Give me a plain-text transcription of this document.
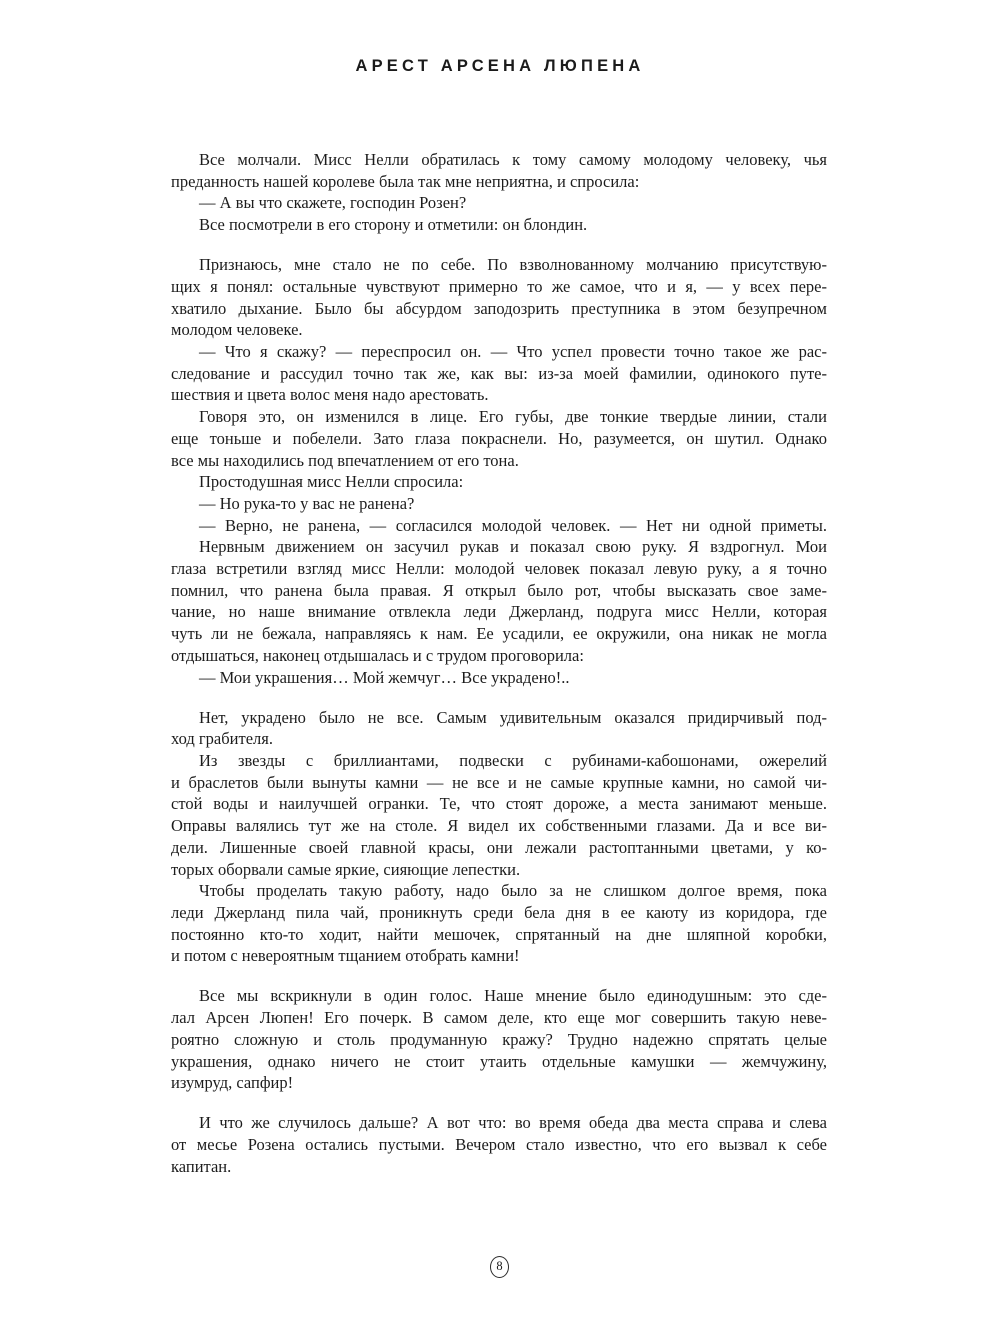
АРЕСТ АРСЕНА ЛЮПЕНА
Все молчали. Мисс Нелли обратилась к тому самому молодому человеку, чья
преданность нашей королеве была так мне неприятна, и спросила:
— А вы что скажете, господин Розен?
Все посмотрели в его сторону и отметили: он блондин.
Признаюсь, мне стало не по себе. По взволнованному молчанию присутствую-
щих я понял: остальные чувствуют примерно то же самое, что и я, — у всех пере-
хватило дыхание. Было бы абсурдом заподозрить преступника в этом безупречном
молодом человеке.
— Что я скажу? — переспросил он. — Что успел провести точно такое же рас-
следование и рассудил точно так же, как вы: из-за моей фамилии, одинокого путе-
шествия и цвета волос меня надо арестовать.
Говоря это, он изменился в лице. Его губы, две тонкие твердые линии, стали
еще тоньше и побелели. Зато глаза покраснели. Но, разумеется, он шутил. Однако
все мы находились под впечатлением от его тона.
Простодушная мисс Нелли спросила:
— Но рука-то у вас не ранена?
— Верно, не ранена, — согласился молодой человек. — Нет ни одной приметы.
Нервным движением он засучил рукав и показал свою руку. Я вздрогнул. Мои
глаза встретили взгляд мисс Нелли: молодой человек показал левую руку, а я точно
помнил, что ранена была правая. Я открыл было рот, чтобы высказать свое заме-
чание, но наше внимание отвлекла леди Джерланд, подруга мисс Нелли, которая
чуть ли не бежала, направляясь к нам. Ее усадили, ее окружили, она никак не могла
отдышаться, наконец отдышалась и с трудом проговорила:
— Мои украшения… Мой жемчуг… Все украдено!..
Нет, украдено было не все. Самым удивительным оказался придирчивый под-
ход грабителя.
Из звезды с бриллиантами, подвески с рубинами-кабошонами, ожерелий
и браслетов были вынуты камни — не все и не самые крупные камни, но самой чи-
стой воды и наилучшей огранки. Те, что стоят дороже, а места занимают меньше.
Оправы валялись тут же на столе. Я видел их собственными глазами. Да и все ви-
дели. Лишенные своей главной красы, они лежали растоптанными цветами, у ко-
торых оборвали самые яркие, сияющие лепестки.
Чтобы проделать такую работу, надо было за не слишком долгое время, пока
леди Джерланд пила чай, проникнуть среди бела дня в ее каюту из коридора, где
постоянно кто-то ходит, найти мешочек, спрятанный на дне шляпной коробки,
и потом с невероятным тщанием отобрать камни!
Все мы вскрикнули в один голос. Наше мнение было единодушным: это сде-
лал Арсен Люпен! Его почерк. В самом деле, кто еще мог совершить такую неве-
роятно сложную и столь продуманную кражу? Трудно надежно спрятать целые
украшения, однако ничего не стоит утаить отдельные камушки — жемчужину,
изумруд, сапфир!
И что же случилось дальше? А вот что: во время обеда два места справа и слева
от месье Розена остались пустыми. Вечером стало известно, что его вызвал к себе
капитан.
8
